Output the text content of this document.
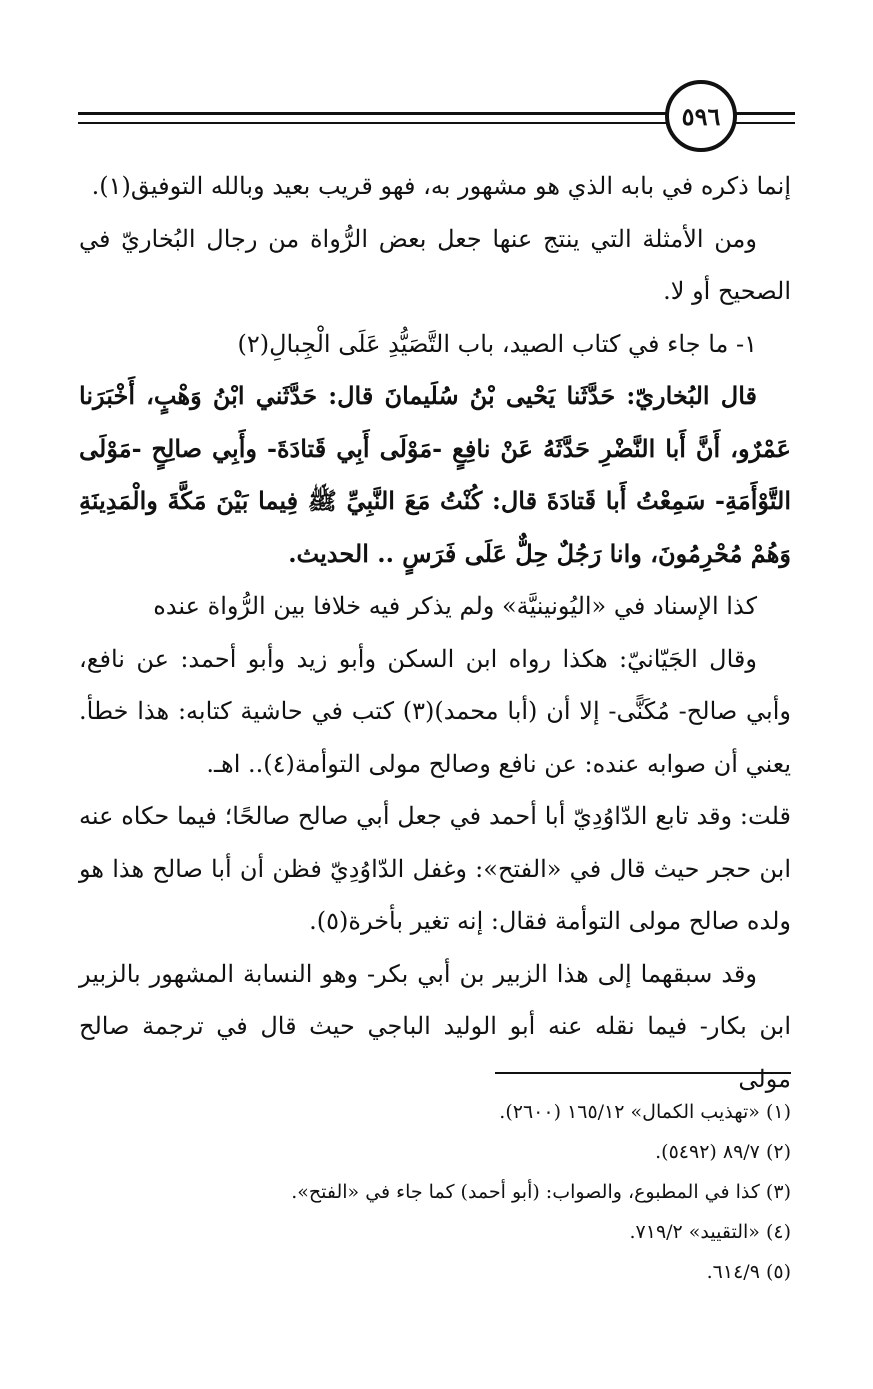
٥٩٦

إنما ذكره في بابه الذي هو مشهور به، فهو قريب بعيد وبالله التوفيق(١).

ومن الأمثلة التي ينتج عنها جعل بعض الرُّواة من رجال البُخاريّ في الصحيح أو لا.

١- ما جاء في كتاب الصيد، باب التَّصَيُّدِ عَلَى الْجِبالِ(٢)

قال البُخاريّ: حَدَّثَنا يَحْيى بْنُ سُلَيمانَ قال: حَدَّثَني ابْنُ وَهْبٍ، أَخْبَرَنا عَمْرٌو، أَنَّ أَبا النَّضْرِ حَدَّثَهُ عَنْ نافِعٍ -مَوْلَى أَبِي قَتادَةَ- وأَبِي صالِحٍ -مَوْلَى التَّوْأَمَةِ- سَمِعْتُ أَبا قَتادَةَ قال: كُنْتُ مَعَ النَّبِيِّ ﷺ فِيما بَيْنَ مَكَّةَ والْمَدِينَةِ وَهُمْ مُحْرِمُونَ، وانا رَجُلٌ حِلٌّ عَلَى فَرَسٍ .. الحديث.

كذا الإسناد في «اليُونينيَّة» ولم يذكر فيه خلافا بين الرُّواة عنده

وقال الجَيّانيّ: هكذا رواه ابن السكن وأبو زيد وأبو أحمد: عن نافع، وأبي صالح- مُكَنًّى- إلا أن (أبا محمد)(٣) كتب في حاشية كتابه: هذا خطأ. يعني أن صوابه عنده: عن نافع وصالح مولى التوأمة(٤).. اهـ.

قلت: وقد تابع الدّاوُدِيّ أبا أحمد في جعل أبي صالح صالحًا؛ فيما حكاه عنه ابن حجر حيث قال في «الفتح»: وغفل الدّاوُدِيّ فظن أن أبا صالح هذا هو ولده صالح مولى التوأمة فقال: إنه تغير بأخرة(٥).

وقد سبقهما إلى هذا الزبير بن أبي بكر- وهو النسابة المشهور بالزبير ابن بكار- فيما نقله عنه أبو الوليد الباجي حيث قال في ترجمة صالح مولى

(١) «تهذيب الكمال» ١٦٥/١٢ (٢٦٠٠).

(٢) ٨٩/٧ (٥٤٩٢).

(٣) كذا في المطبوع، والصواب: (أبو أحمد) كما جاء في «الفتح».

(٤) «التقييد» ٧١٩/٢.

(٥) ٦١٤/٩.
